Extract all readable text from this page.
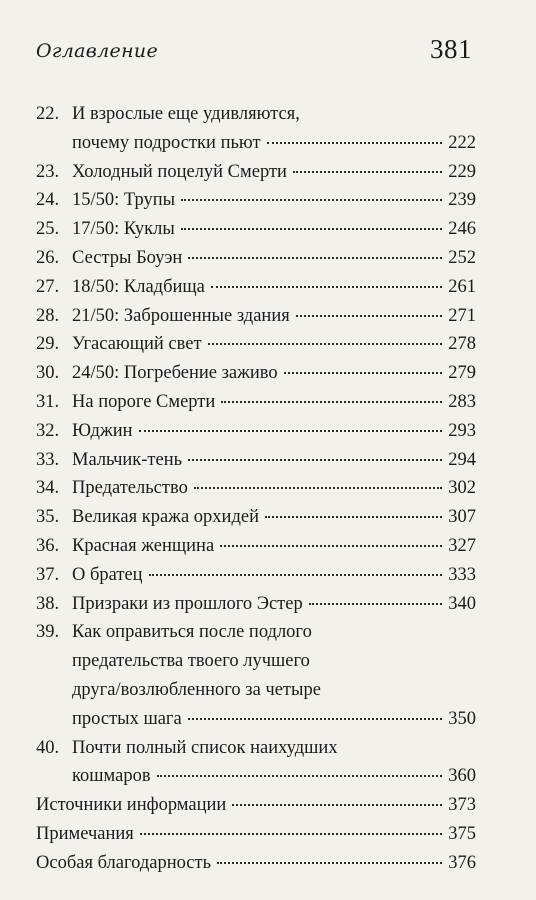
Оглавление	381
22. И взрослые еще удивляются,
почему подростки пьют	222
23. Холодный поцелуй Смерти	229
24. 15/50: Трупы	239
25. 17/50: Куклы	246
26. Сестры Боуэн	252
27. 18/50: Кладбища	261
28. 21/50: Заброшенные здания	271
29. Угасающий свет	278
30. 24/50: Погребение заживо	279
31. На пороге Смерти	283
32. Юджин	293
33. Мальчик-тень	294
34. Предательство	302
35. Великая кража орхидей	307
36. Красная женщина	327
37. О братец	333
38. Призраки из прошлого Эстер	340
39. Как оправиться после подлого
предательства твоего лучшего
друга/возлюбленного за четыре
простых шага	350
40. Почти полный список наихудших
кошмаров	360
Источники информации	373
Примечания	375
Особая благодарность	376
